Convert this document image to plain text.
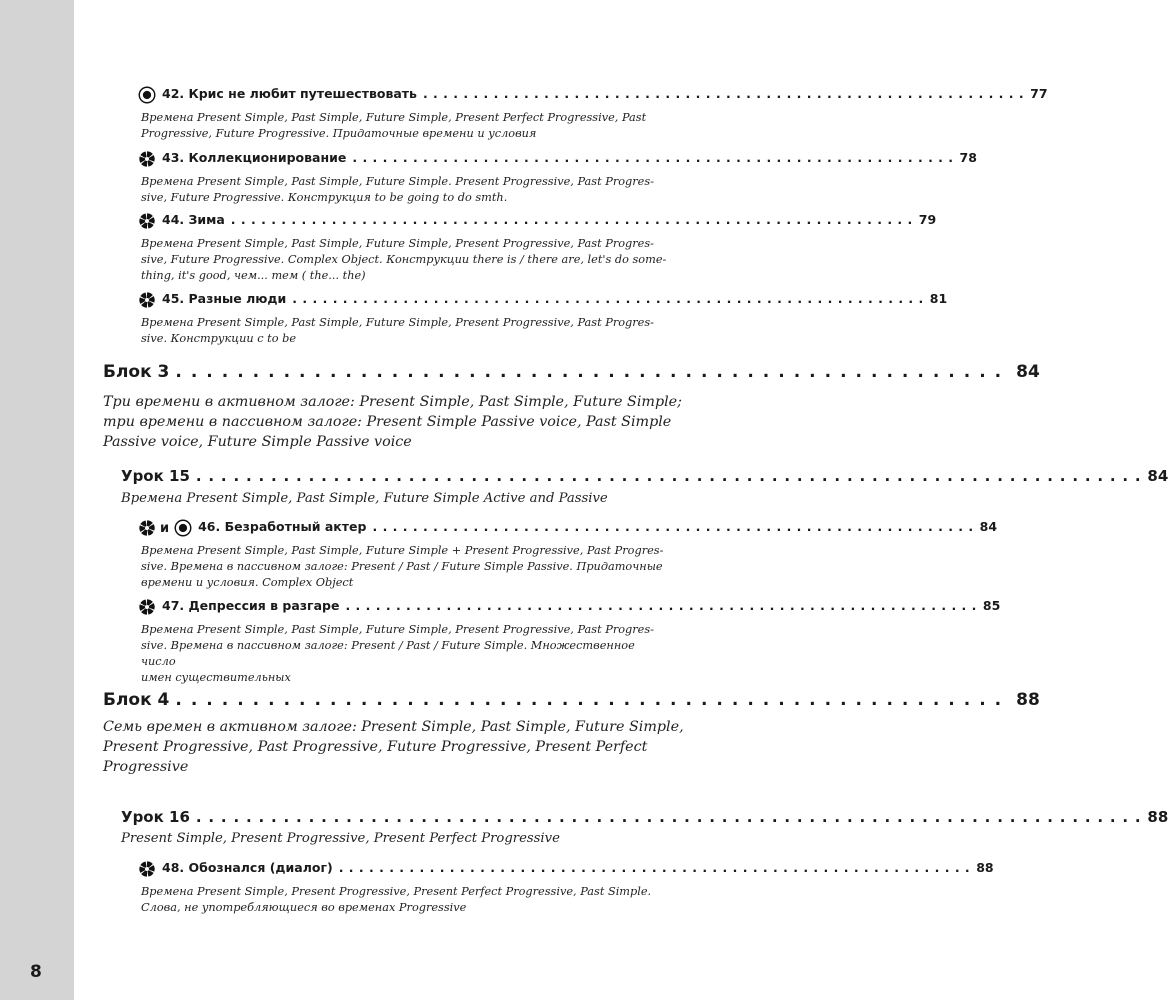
42. Крис не любит путешествовать . . . . . . . . . . . . . . . . . . . . . . . . . . . . . . . . . . . . . . . . . . . . . . . . . . . . . . . . . . . . 77

Времена Present Simple, Past Simple, Future Simple, Present Perfect Progressive, Past

Progressive, Future Progressive. Придаточные времени и условия

43. Коллекционирование . . . . . . . . . . . . . . . . . . . . . . . . . . . . . . . . . . . . . . . . . . . . . . . . . . . . . . . . . . . . 78

Времена Present Simple, Past Simple, Future Simple. Present Progressive, Past Progres-

sive, Future Progressive. Конструкция to be going to do smth.

44. Зима . . . . . . . . . . . . . . . . . . . . . . . . . . . . . . . . . . . . . . . . . . . . . . . . . . . . . . . . . . . . . . . . . . . . 79

Времена Present Simple, Past Simple, Future Simple, Present Progressive, Past Progres-

sive, Future Progressive. Complex Object. Конструкции there is / there are, let's do some-

thing, it's good, чем... тем ( the... the)

45. Разные люди . . . . . . . . . . . . . . . . . . . . . . . . . . . . . . . . . . . . . . . . . . . . . . . . . . . . . . . . . . . . . . . 81

Времена Present Simple, Past Simple, Future Simple, Present Progressive, Past Progres-

sive. Конструкции с to be

Блок 3 ...................................................... 84

Три времени в активном залоге: Present Simple, Past Simple, Future Simple;

три времени в пассивном залоге: Present Simple Passive voice, Past Simple

Passive voice, Future Simple Passive voice

Урок 15 . . . . . . . . . . . . . . . . . . . . . . . . . . . . . . . . . . . . . . . . . . . . . . . . . . . . . . . . . . . . . . . . . . . . . . . . . . . . 84

Времена Present Simple, Past Simple, Future Simple Active and Passive

и 46. Безработный актер . . . . . . . . . . . . . . . . . . . . . . . . . . . . . . . . . . . . . . . . . . . . . . . . . . . . . . . . . . . . 84

Времена Present Simple, Past Simple, Future Simple + Present Progressive, Past Progres-

sive. Времена в пассивном залоге: Present / Past / Future Simple Passive. Придаточные

времени и условия. Complex Object

47. Депрессия в разгаре . . . . . . . . . . . . . . . . . . . . . . . . . . . . . . . . . . . . . . . . . . . . . . . . . . . . . . . . . . . . . . . 85

Времена Present Simple, Past Simple, Future Simple, Present Progressive, Past Progres-

sive. Времена в пассивном залоге: Present / Past / Future Simple. Множественное число

имен существительных

Блок 4 ...................................................... 88

Семь времен в активном залоге: Present Simple, Past Simple, Future Simple,

Present Progressive, Past Progressive, Future Progressive, Present Perfect

Progressive

Урок 16 . . . . . . . . . . . . . . . . . . . . . . . . . . . . . . . . . . . . . . . . . . . . . . . . . . . . . . . . . . . . . . . . . . . . . . . . . . . . 88

Present Simple, Present Progressive, Present Perfect Progressive

48. Обознался (диалог) . . . . . . . . . . . . . . . . . . . . . . . . . . . . . . . . . . . . . . . . . . . . . . . . . . . . . . . . . . . . . . . 88

Времена Present Simple, Present Progressive, Present Perfect Progressive, Past Simple.

Слова, не употребляющиеся во временах Progressive

8
